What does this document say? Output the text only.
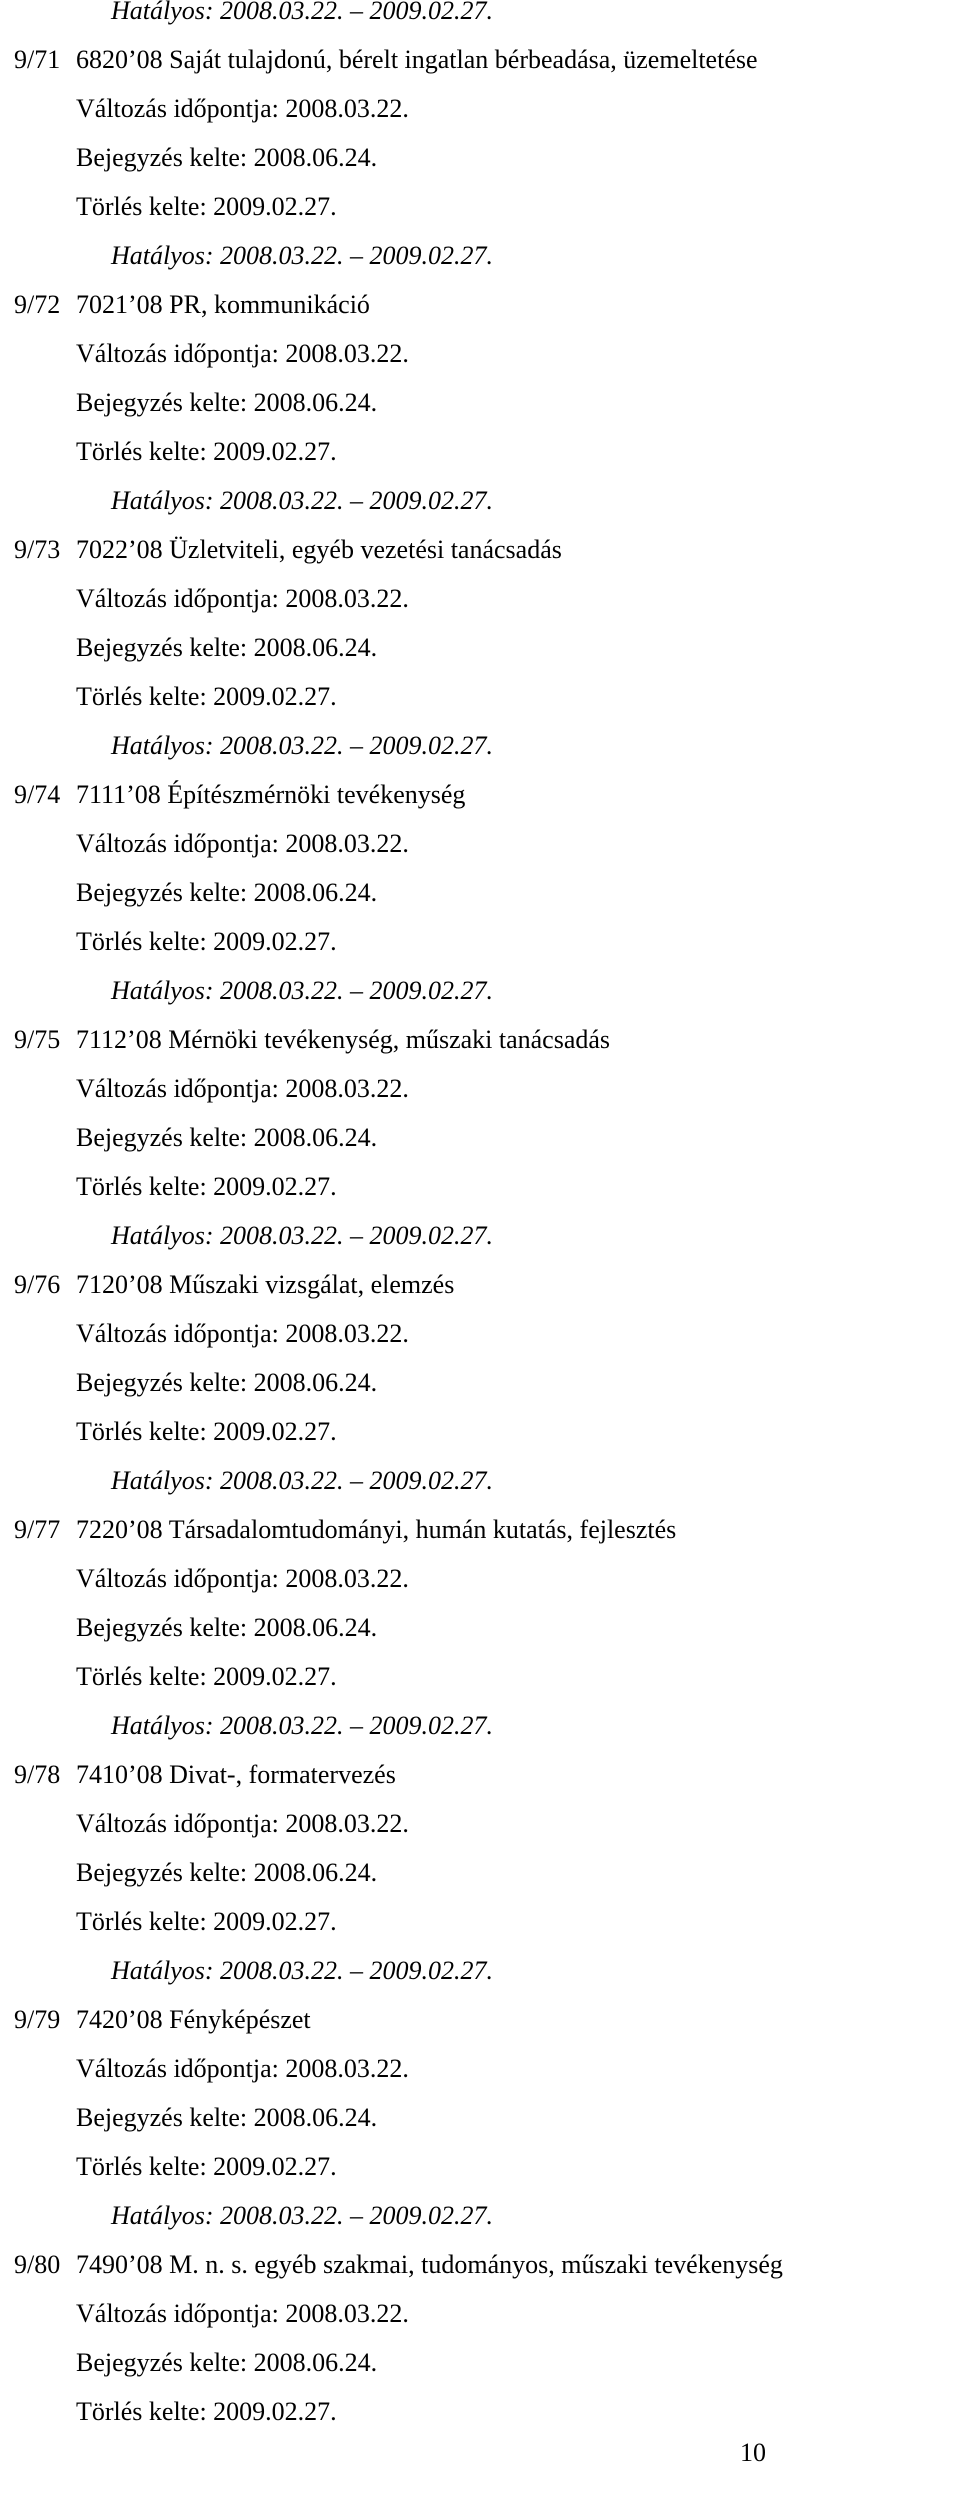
Hatályos: 2008.03.22. – 2009.02.27.
9/71 6820’08 Saját tulajdonú, bérelt ingatlan bérbeadása, üzemeltetése
Változás időpontja: 2008.03.22.
Bejegyzés kelte: 2008.06.24.
Törlés kelte: 2009.02.27.
Hatályos: 2008.03.22. – 2009.02.27.
9/72 7021’08 PR, kommunikáció
Változás időpontja: 2008.03.22.
Bejegyzés kelte: 2008.06.24.
Törlés kelte: 2009.02.27.
Hatályos: 2008.03.22. – 2009.02.27.
9/73 7022’08 Üzletviteli, egyéb vezetési tanácsadás
Változás időpontja: 2008.03.22.
Bejegyzés kelte: 2008.06.24.
Törlés kelte: 2009.02.27.
Hatályos: 2008.03.22. – 2009.02.27.
9/74 7111’08 Építészmérnöki tevékenység
Változás időpontja: 2008.03.22.
Bejegyzés kelte: 2008.06.24.
Törlés kelte: 2009.02.27.
Hatályos: 2008.03.22. – 2009.02.27.
9/75 7112’08 Mérnöki tevékenység, műszaki tanácsadás
Változás időpontja: 2008.03.22.
Bejegyzés kelte: 2008.06.24.
Törlés kelte: 2009.02.27.
Hatályos: 2008.03.22. – 2009.02.27.
9/76 7120’08 Műszaki vizsgálat, elemzés
Változás időpontja: 2008.03.22.
Bejegyzés kelte: 2008.06.24.
Törlés kelte: 2009.02.27.
Hatályos: 2008.03.22. – 2009.02.27.
9/77 7220’08 Társadalomtudományi, humán kutatás, fejlesztés
Változás időpontja: 2008.03.22.
Bejegyzés kelte: 2008.06.24.
Törlés kelte: 2009.02.27.
Hatályos: 2008.03.22. – 2009.02.27.
9/78 7410’08 Divat-, formatervezés
Változás időpontja: 2008.03.22.
Bejegyzés kelte: 2008.06.24.
Törlés kelte: 2009.02.27.
Hatályos: 2008.03.22. – 2009.02.27.
9/79 7420’08 Fényképészet
Változás időpontja: 2008.03.22.
Bejegyzés kelte: 2008.06.24.
Törlés kelte: 2009.02.27.
Hatályos: 2008.03.22. – 2009.02.27.
9/80 7490’08 M. n. s. egyéb szakmai, tudományos, műszaki tevékenység
Változás időpontja: 2008.03.22.
Bejegyzés kelte: 2008.06.24.
Törlés kelte: 2009.02.27.
10
